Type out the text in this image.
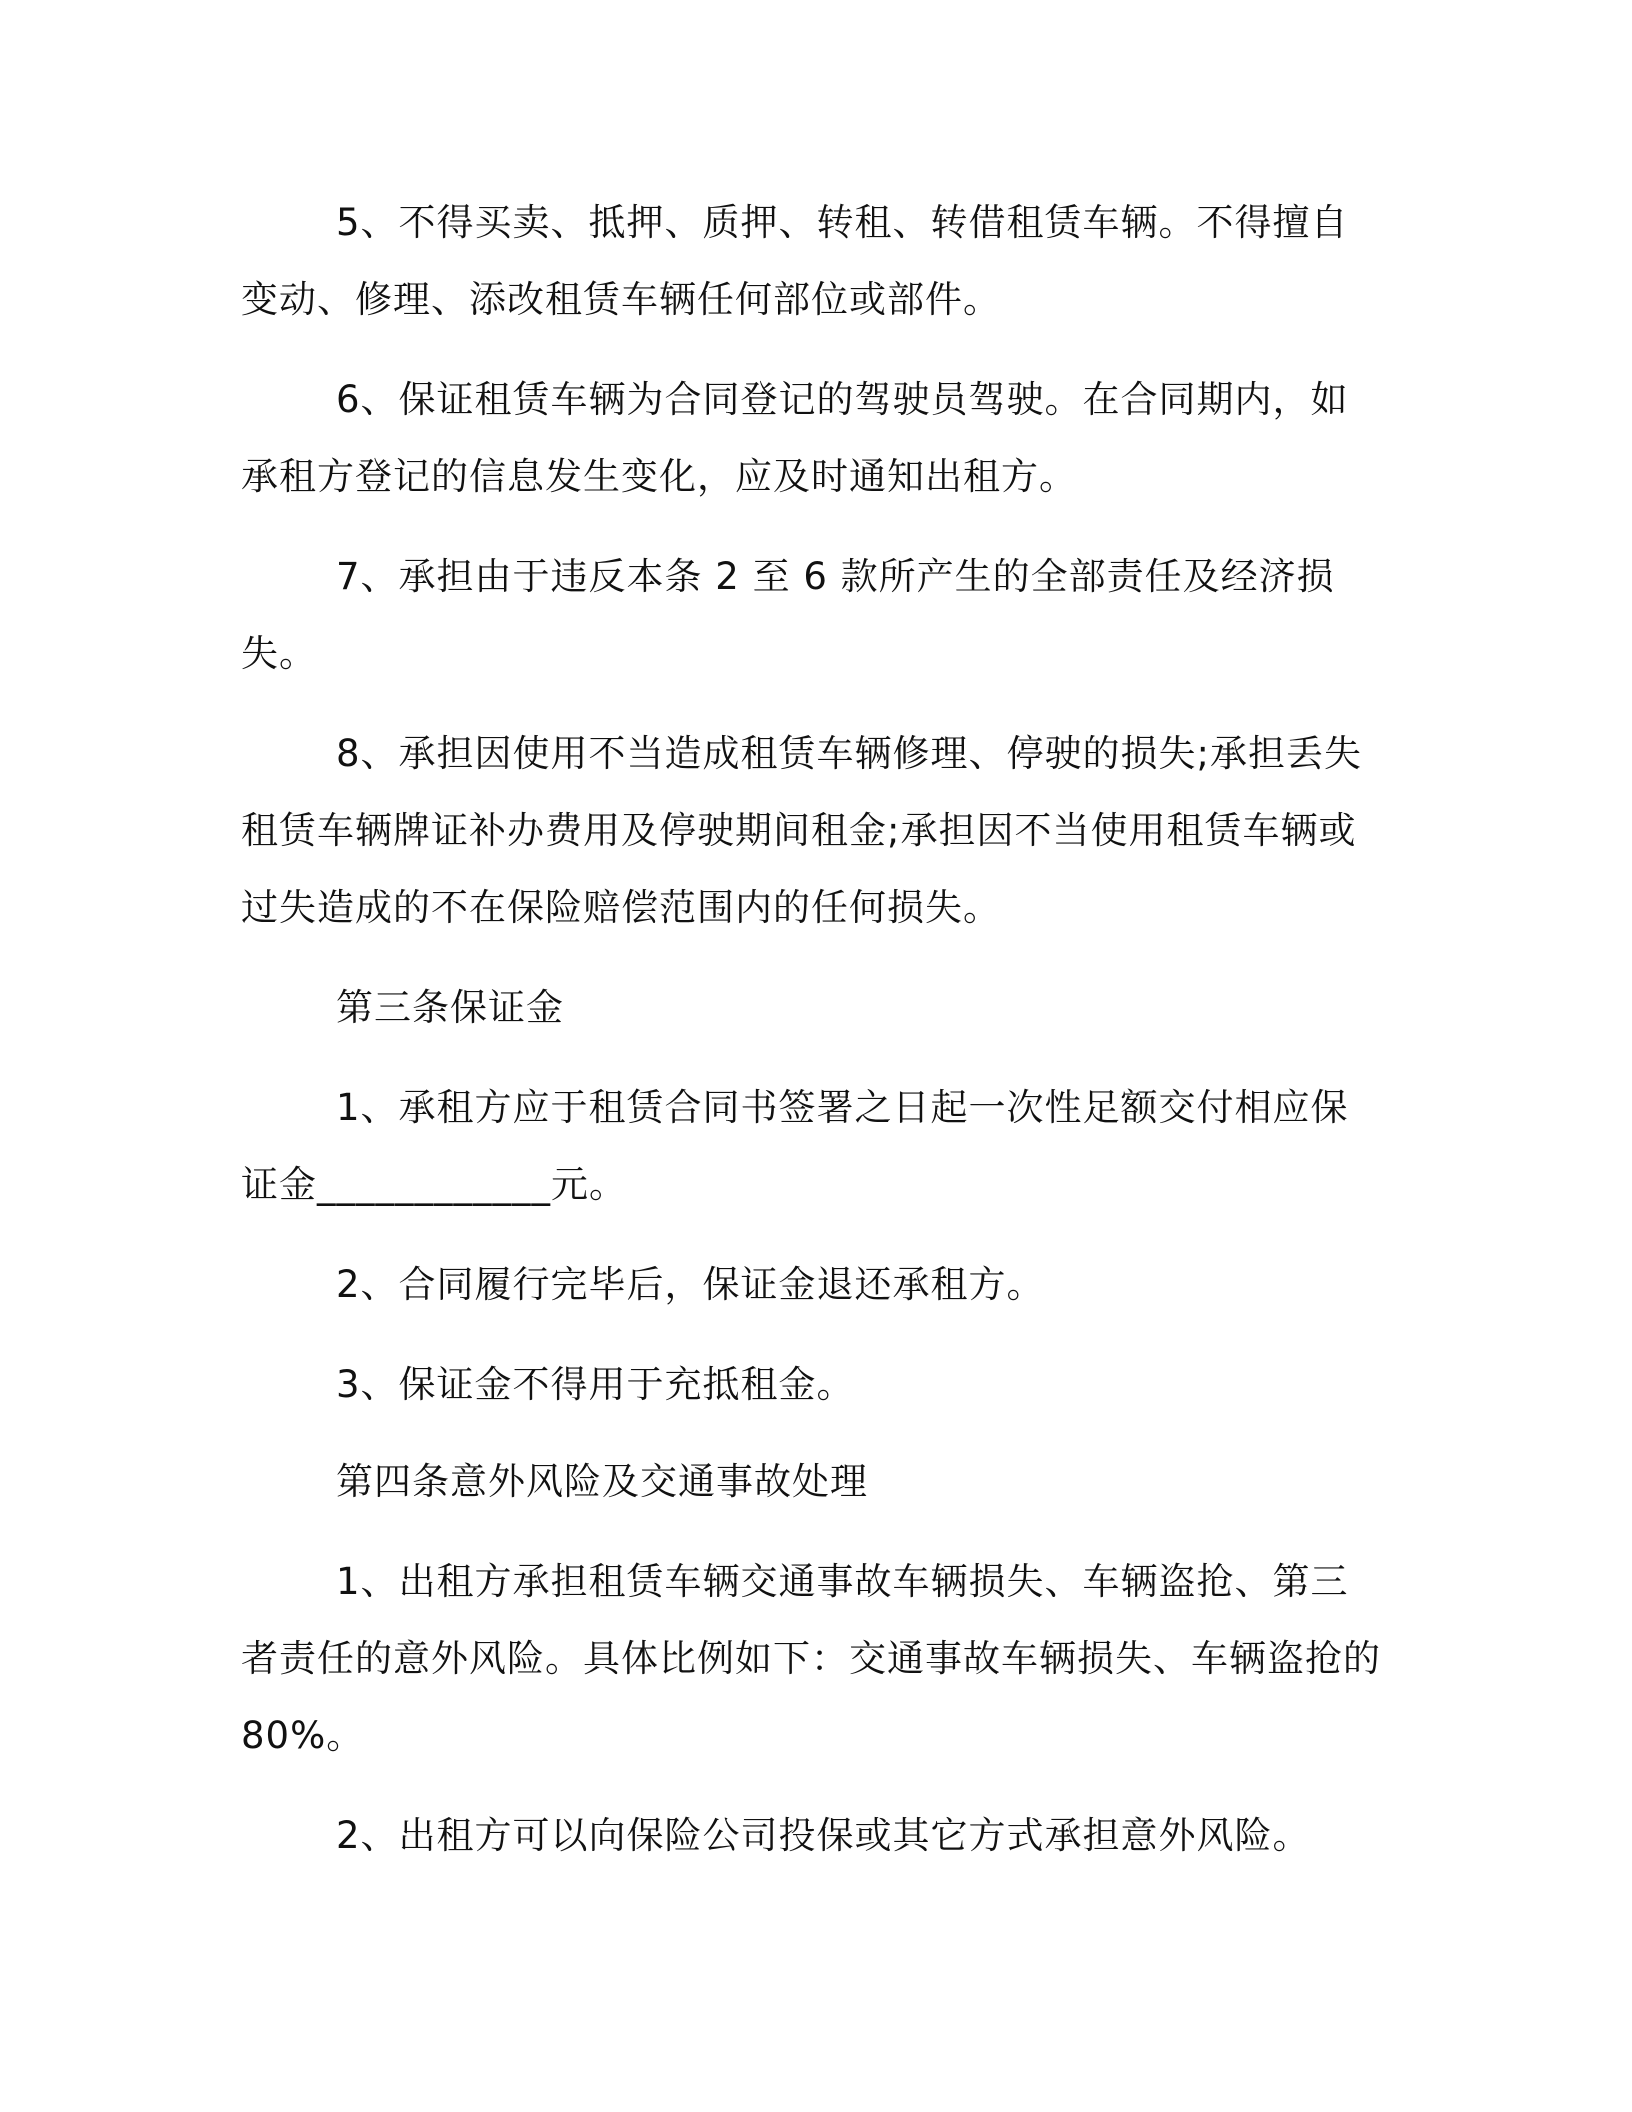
5、不得买卖、抵押、质押、转租、转借租赁车辆。不得擅自变动、修理、添改租赁车辆任何部位或部件。

6、保证租赁车辆为合同登记的驾驶员驾驶。在合同期内，如承租方登记的信息发生变化，应及时通知出租方。

7、承担由于违反本条 2 至 6 款所产生的全部责任及经济损失。

8、承担因使用不当造成租赁车辆修理、停驶的损失;承担丢失租赁车辆牌证补办费用及停驶期间租金;承担因不当使用租赁车辆或过失造成的不在保险赔偿范围内的任何损失。

第三条保证金

1、承租方应于租赁合同书签署之日起一次性足额交付相应保证金____________元。

2、合同履行完毕后，保证金退还承租方。

3、保证金不得用于充抵租金。

第四条意外风险及交通事故处理

1、出租方承担租赁车辆交通事故车辆损失、车辆盗抢、第三者责任的意外风险。具体比例如下：交通事故车辆损失、车辆盗抢的80%。

2、出租方可以向保险公司投保或其它方式承担意外风险。
